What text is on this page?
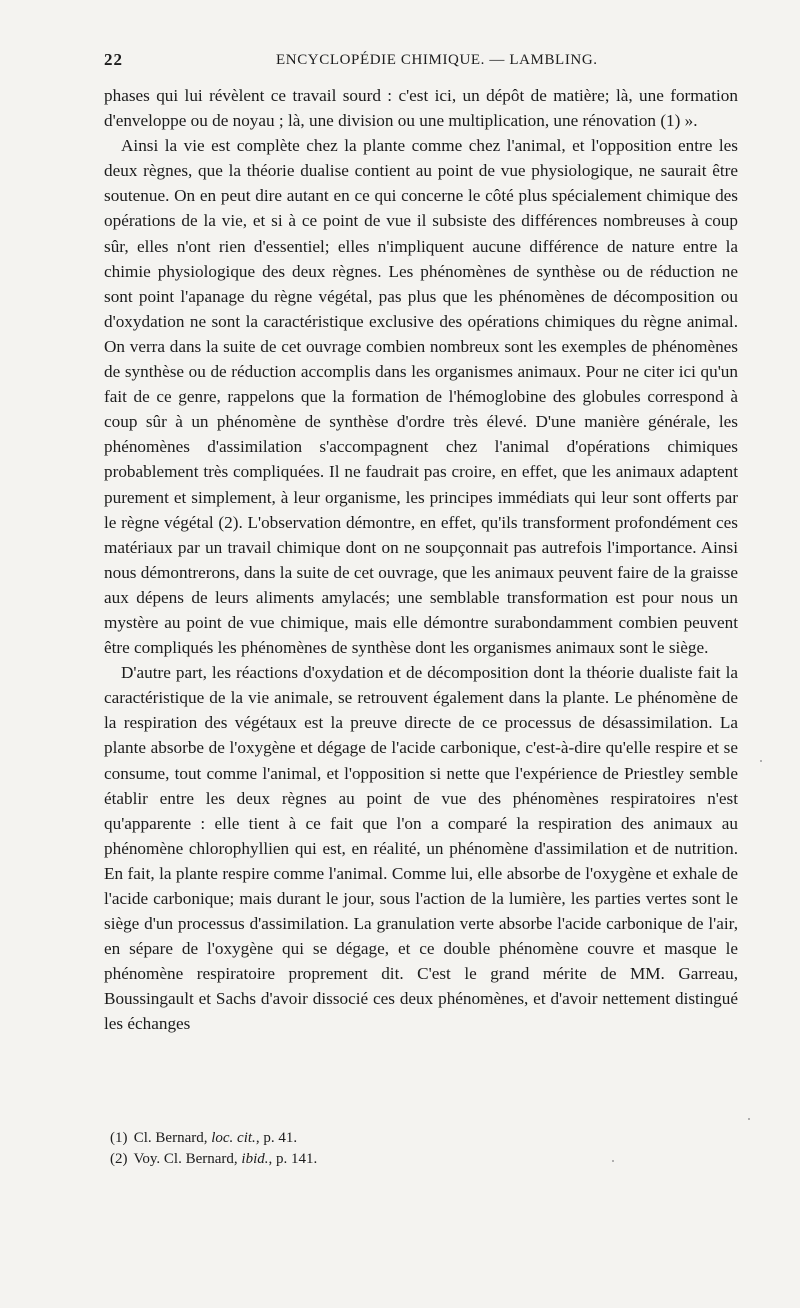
22	ENCYCLOPÉDIE CHIMIQUE. — LAMBLING.

phases qui lui révèlent ce travail sourd : c'est ici, un dépôt de matière; là, une formation d'enveloppe ou de noyau ; là, une division ou une multiplication, une rénovation (1) ».

Ainsi la vie est complète chez la plante comme chez l'animal, et l'opposition entre les deux règnes, que la théorie dualise contient au point de vue physiologique, ne saurait être soutenue. On en peut dire autant en ce qui concerne le côté plus spécialement chimique des opérations de la vie, et si à ce point de vue il subsiste des différences nombreuses à coup sûr, elles n'ont rien d'essentiel; elles n'impliquent aucune différence de nature entre la chimie physiologique des deux règnes. Les phénomènes de synthèse ou de réduction ne sont point l'apanage du règne végétal, pas plus que les phénomènes de décomposition ou d'oxydation ne sont la caractéristique exclusive des opérations chimiques du règne animal. On verra dans la suite de cet ouvrage combien nombreux sont les exemples de phénomènes de synthèse ou de réduction accomplis dans les organismes animaux. Pour ne citer ici qu'un fait de ce genre, rappelons que la formation de l'hémoglobine des globules correspond à coup sûr à un phénomène de synthèse d'ordre très élevé. D'une manière générale, les phénomènes d'assimilation s'accompagnent chez l'animal d'opérations chimiques probablement très compliquées. Il ne faudrait pas croire, en effet, que les animaux adaptent purement et simplement, à leur organisme, les principes immédiats qui leur sont offerts par le règne végétal (2). L'observation démontre, en effet, qu'ils transforment profondément ces matériaux par un travail chimique dont on ne soupçonnait pas autrefois l'importance. Ainsi nous démontrerons, dans la suite de cet ouvrage, que les animaux peuvent faire de la graisse aux dépens de leurs aliments amylacés; une semblable transformation est pour nous un mystère au point de vue chimique, mais elle démontre surabondamment combien peuvent être compliqués les phénomènes de synthèse dont les organismes animaux sont le siège.

D'autre part, les réactions d'oxydation et de décomposition dont la théorie dualiste fait la caractéristique de la vie animale, se retrouvent également dans la plante. Le phénomène de la respiration des végétaux est la preuve directe de ce processus de désassimilation. La plante absorbe de l'oxygène et dégage de l'acide carbonique, c'est-à-dire qu'elle respire et se consume, tout comme l'animal, et l'opposition si nette que l'expérience de Priestley semble établir entre les deux règnes au point de vue des phénomènes respiratoires n'est qu'apparente : elle tient à ce fait que l'on a comparé la respiration des animaux au phénomène chlorophyllien qui est, en réalité, un phénomène d'assimilation et de nutrition. En fait, la plante respire comme l'animal. Comme lui, elle absorbe de l'oxygène et exhale de l'acide carbonique; mais durant le jour, sous l'action de la lumière, les parties vertes sont le siège d'un processus d'assimilation. La granulation verte absorbe l'acide carbonique de l'air, en sépare de l'oxygène qui se dégage, et ce double phénomène couvre et masque le phénomène respiratoire proprement dit. C'est le grand mérite de MM. Garreau, Boussingault et Sachs d'avoir dissocié ces deux phénomènes, et d'avoir nettement distingué les échanges

(1) Cl. Bernard, loc. cit., p. 41.

(2) Voy. Cl. Bernard, ibid., p. 141.
